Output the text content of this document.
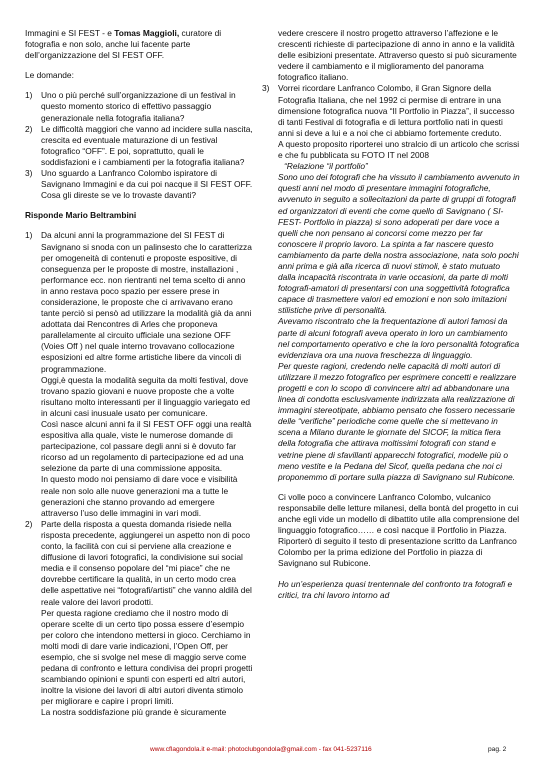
Immagini e SI FEST - e Tomas Maggioli, curatore di fotografia e non solo, anche lui facente parte dell’organizzazione del SI FEST OFF.

Le domande:

1) Uno o più perché sull’organizzazione di un festival in questo momento storico di effettivo passaggio generazionale nella fotografia italiana?

2) Le difficoltà maggiori che vanno ad incidere sulla nascita, crescita ed eventuale maturazione di un festival fotografico “OFF”. E poi, soprattutto, quali le soddisfazioni e i cambiamenti per la fotografia italiana?

3) Uno sguardo a Lanfranco Colombo ispiratore di Savignano Immagini e da cui poi nacque il SI FEST OFF. Cosa gli direste se ve lo trovaste davanti?

Risponde Mario Beltrambini

1) Da alcuni anni la programmazione del SI FEST di Savignano si snoda con un palinsesto che lo caratterizza per omogeneità di contenuti e proposte espositive, di conseguenza per le proposte di mostre, installazioni , performance ecc. non rientranti nel tema scelto di anno in anno restava poco spazio per essere prese in considerazione, le proposte che ci arrivavano erano tante perciò si pensò ad utilizzare la modalità già da anni adottata dai Rencontres di Arles che proponeva parallelamente al circuito ufficiale una sezione OFF (Voies Off ) nel quale interno trovavano collocazione esposizioni ed altre forme artistiche libere da vincoli di programmazione.

Oggi,è questa la modalità seguita da molti festival, dove trovano spazio giovani e nuove proposte che a volte risultano molto interessanti per il linguaggio variegato ed in alcuni casi inusuale usato per comunicare.

Così nasce alcuni anni fa il SI FEST OFF oggi una realtà espositiva alla quale, viste le numerose domande di partecipazione, col passare degli anni si è dovuto far ricorso ad un regolamento di partecipazione ed ad una selezione da parte di una commissione apposita.

In questo modo noi pensiamo di dare voce e visibilità reale non solo alle nuove generazioni ma a tutte le generazioni che stanno provando ad emergere attraverso l’uso delle immagini in vari modi.

2) Parte della risposta a questa domanda risiede nella risposta precedente, aggiungerei un aspetto non di poco conto, la facilità con cui si perviene alla creazione e diffusione di lavori fotografici, la condivisione sui social media e il consenso popolare del “mi piace” che ne dovrebbe certificare la qualità, in un certo modo crea delle aspettative nei “fotografi/artisti” che vanno aldilà del reale valore dei lavori prodotti.

Per questa ragione crediamo che il nostro modo di operare scelte di un certo tipo possa essere d’esempio per coloro che intendono mettersi in gioco. Cerchiamo in molti modi di dare varie indicazioni, l’Open Off, per esempio, che si svolge nel mese di maggio serve come pedana di confronto e lettura condivisa dei propri progetti scambiando opinioni e spunti con esperti ed altri autori, inoltre la visione dei lavori di altri autori diventa stimolo per migliorare e capire i propri limiti.

La nostra soddisfazione più grande è sicuramente

vedere crescere il nostro progetto attraverso l’affezione e le crescenti richieste di partecipazione di anno in anno e la validità delle esibizioni presentate. Attraverso questo si può sicuramente vedere il cambiamento e il miglioramento del panorama fotografico italiano.

3) Vorrei ricordare Lanfranco Colombo, il Gran Signore della Fotografia Italiana, che nel 1992 ci permise di entrare in una dimensione fotografica nuova “Il Portfolio in Piazza”, il successo di tanti Festival di fotografia e di lettura portfolio nati in questi anni si deve a lui e a noi che ci abbiamo fortemente creduto.

A questo proposito riporterei uno stralcio di un articolo che scrissi e che fu pubblicata su FOTO IT nel 2008

“Relazione “il portfolio”

Sono uno dei fotografi che ha vissuto il cambiamento avvenuto in questi anni nel modo di presentare immagini fotografiche, avvenuto in seguito a sollecitazioni da parte di gruppi di fotografi ed organizzatori di eventi che come quello di Savignano ( SI-FEST- Portfolio in piazza) si sono adoperati per dare voce a quelli che non pensano ai concorsi come mezzo per far conoscere il proprio lavoro. La spinta a far nascere questo cambiamento da parte della nostra associazione, nata solo pochi anni prima e già alla ricerca di nuovi stimoli, è stato mutuato dalla incapacità riscontrata in varie occasioni, da parte di molti fotografi-amatori di presentarsi con una soggettività fotografica capace di trasmettere valori ed emozioni e non solo imitazioni stilistiche prive di personalità.

Avevamo riscontrato che la frequentazione di autori famosi da parte di alcuni fotografi aveva operato in loro un cambiamento nel comportamento operativo e che la loro personalità fotografica evidenziava ora una nuova freschezza di linguaggio.

Per queste ragioni, credendo nelle capacità di molti autori di utilizzare il mezzo fotografico per esprimere concetti e realizzare progetti e con lo scopo di convincere altri ad abbandonare una linea di condotta esclusivamente indirizzata alla realizzazione di immagini stereotipate, abbiamo pensato che fossero necessarie delle “verifiche” periodiche come quelle che si mettevano in scena a Milano durante le giornate del SICOF, la mitica fiera della fotografia che attirava moltissimi fotografi con stand e vetrine piene di sfavillanti apparecchi fotografici, modelle più o meno vestite e la Pedana del Sicof, quella pedana che noi ci proponemmo di portare sulla piazza di Savignano sul Rubicone.

Ci volle poco a convincere Lanfranco Colombo, vulcanico responsabile delle letture milanesi, della bontà del progetto in cui anche egli vide un modello di dibattito utile alla comprensione del linguaggio fotografico…… e così nacque il Portfolio in Piazza.

Riporterò di seguito il testo di presentazione scritto da Lanfranco Colombo per la prima edizione del Portfolio in piazza di Savignano sul Rubicone.

Ho un’esperienza quasi trentennale del confronto tra fotografi e critici, tra chi lavoro intorno ad

www.cflagondola.it e-mail: photoclubgondola@gmail.com - fax 041-5237116	pag. 2
